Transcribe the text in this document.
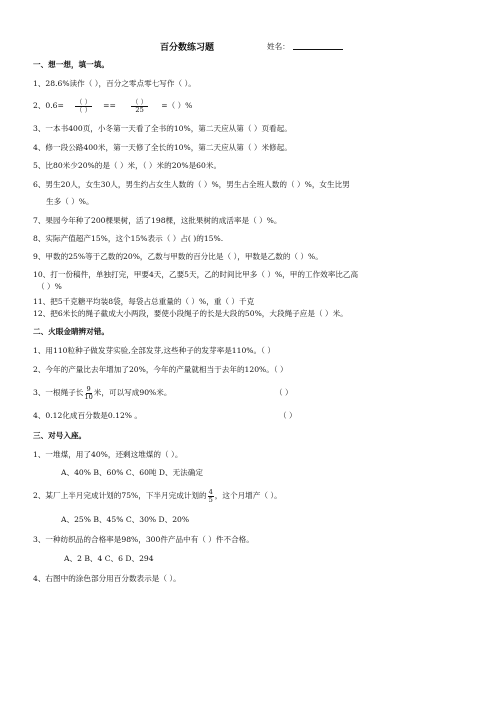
百分数练习题	姓名：
一、想一想，填一填。
1、28.6%读作（ ），百分之零点零七写作（ ）。
2、0.6= （ ）
（ ） == （ ）
25 =（ ）%
3、一本书400页，小冬第一天看了全书的10%，第二天应从第（ ）页看起。
4、修一段公路400米，第一天修了全长的10%，第二天应从第（ ）米修起。
5、比80米少20%的是（ ）米，（ ）米的20%是60米。
6、男生20人，女生30人，男生约占女生人数的（ ）%，男生占全班人数的（ ）%，女生比男
生多（ ）%。
7、果园今年种了200棵果树，活了198棵，这批果树的成活率是（ ）%。
8、实际产值超产15%，这个15%表示（ ）占( )的15%.
9、甲数的25%等于乙数的20%，乙数与甲数的百分比是（ ），甲数是乙数的（ ）%。
10、打一份稿件，单独打完，甲要4天，乙要5天，乙的时间比甲多（ ）%，甲的工作效率比乙高
（ ）%
11、把5千克糖平均装8袋，每袋占总重量的（ ）%，重（ ）千克
12、把6米长的绳子截成大小两段，要使小段绳子的长是大段的50%，大段绳子应是（ ）米。
二、火眼金睛辨对错。
1、用110粒种子做发芽实验,全部发芽,这些种子的发芽率是110%。（ ）
2、今年的产量比去年增加了20%，今年的产量就相当于去年的120%。（ ）
3、一根绳子长 $\frac{9}{10}$ 米，可以写成90%米。	（ ）
4、0.12化成百分数是0.12% 。	（ ）
三、对号入座。
1、一堆煤，用了40%，还剩这堆煤的（ ）。
A、40% B、60% C、60吨 D、无法确定
2、某厂上半月完成计划的75%，下半月完成计划的 $\frac{4}{5}$ ，这个月增产（ ）。
A、25% B、45% C、30% D、20%
3、一种纺织品的合格率是98%，300件产品中有（ ）件不合格。
A、2 B、4 C、6 D、294
4、右图中的涂色部分用百分数表示是（ ）。
